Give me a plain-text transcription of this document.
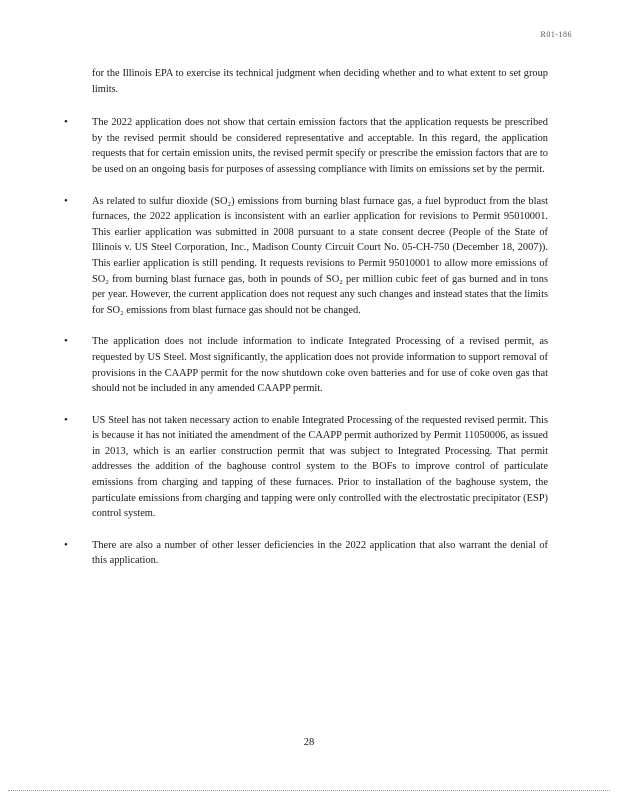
R01-186

for the Illinois EPA to exercise its technical judgment when deciding whether and to what extent to set group limits.

• The 2022 application does not show that certain emission factors that the application requests be prescribed by the revised permit should be considered representative and acceptable. In this regard, the application requests that for certain emission units, the revised permit specify or prescribe the emission factors that are to be used on an ongoing basis for purposes of assessing compliance with limits on emissions set by the permit.
• As related to sulfur dioxide (SO₂) emissions from burning blast furnace gas, a fuel byproduct from the blast furnaces, the 2022 application is inconsistent with an earlier application for revisions to Permit 95010001. This earlier application was submitted in 2008 pursuant to a state consent decree (People of the State of Illinois v. US Steel Corporation, Inc., Madison County Circuit Court No. 05-CH-750 (December 18, 2007)). This earlier application is still pending. It requests revisions to Permit 95010001 to allow more emissions of SO₂ from burning blast furnace gas, both in pounds of SO₂ per million cubic feet of gas burned and in tons per year. However, the current application does not request any such changes and instead states that the limits for SO₂ emissions from blast furnace gas should not be changed.
• The application does not include information to indicate Integrated Processing of a revised permit, as requested by US Steel. Most significantly, the application does not provide information to support removal of provisions in the CAAPP permit for the now shutdown coke oven batteries and for use of coke oven gas that should not be included in any amended CAAPP permit.
• US Steel has not taken necessary action to enable Integrated Processing of the requested revised permit. This is because it has not initiated the amendment of the CAAPP permit authorized by Permit 11050006, as issued in 2013, which is an earlier construction permit that was subject to Integrated Processing. That permit addresses the addition of the baghouse control system to the BOFs to improve control of particulate emissions from charging and tapping of these furnaces. Prior to installation of the baghouse system, the particulate emissions from charging and tapping were only controlled with the electrostatic precipitator (ESP) control system.
• There are also a number of other lesser deficiencies in the 2022 application that also warrant the denial of this application.
28
